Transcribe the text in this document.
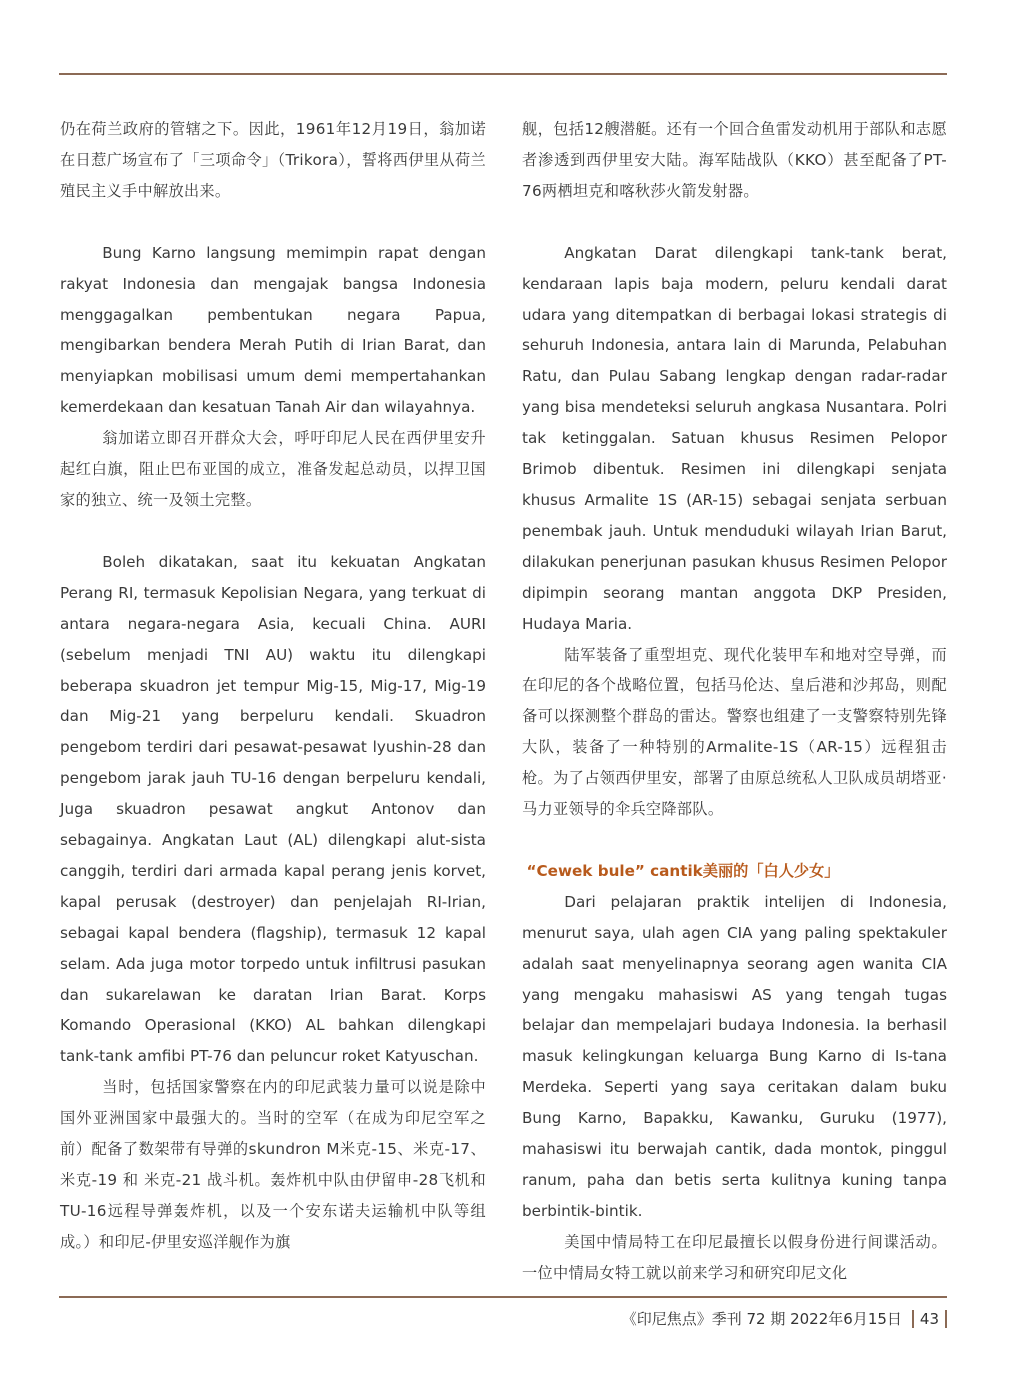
仍在荷兰政府的管辖之下。因此，1961年12月19日，翁加诺在日惹广场宣布了「三项命令」（Trikora），誓将西伊里从荷兰殖民主义手中解放出来。

Bung Karno langsung memimpin rapat dengan rakyat Indonesia dan mengajak bangsa Indonesia menggagalkan pembentukan negara Papua, mengibarkan bendera Merah Putih di Irian Barat, dan menyiapkan mobilisasi umum demi mempertahankan kemerdekaan dan kesatuan Tanah Air dan wilayahnya.

翁加诺立即召开群众大会，呼吁印尼人民在西伊里安升起红白旗，阻止巴布亚国的成立，准备发起总动员，以捍卫国家的独立、统一及领土完整。

Boleh dikatakan, saat itu kekuatan Angkatan Perang RI, termasuk Kepolisian Negara, yang terkuat di antara negara-negara Asia, kecuali China. AURI (sebelum menjadi TNI AU) waktu itu dilengkapi beberapa skuadron jet tempur Mig-15, Mig-17, Mig-19 dan Mig-21 yang berpeluru kendali. Skuadron pengebom terdiri dari pesawat-pesawat lyushin-28 dan pengebom jarak jauh TU-16 dengan berpeluru kendali, Juga skuadron pesawat angkut Antonov dan sebagainya. Angkatan Laut (AL) dilengkapi alut-sista canggih, terdiri dari armada kapal perang jenis korvet, kapal perusak (destroyer) dan penjelajah RI-Irian, sebagai kapal bendera (flagship), termasuk 12 kapal selam. Ada juga motor torpedo untuk infiltrusi pasukan dan sukarelawan ke daratan Irian Barat. Korps Komando Operasional (KKO) AL bahkan dilengkapi tank-tank amfibi PT-76 dan peluncur roket Katyuschan.

当时，包括国家警察在内的印尼武装力量可以说是除中国外亚洲国家中最强大的。当时的空军（在成为印尼空军之前）配备了数架带有导弹的skundron M米克-15、米克-17、米克-19 和 米克-21 战斗机。轰炸机中队由伊留申-28飞机和TU-16远程导弹轰炸机，以及一个安东诺夫运输机中队等组成。）和印尼-伊里安巡洋舰作为旗

舰，包括12艘潜艇。还有一个回合鱼雷发动机用于部队和志愿者渗透到西伊里安大陆。海军陆战队（KKO）甚至配备了PT-76两栖坦克和喀秋莎火箭发射器。

Angkatan Darat dilengkapi tank-tank berat, kendaraan lapis baja modern, peluru kendali darat udara yang ditempatkan di berbagai lokasi strategis di sehuruh Indonesia, antara lain di Marunda, Pelabuhan Ratu, dan Pulau Sabang lengkap dengan radar-radar yang bisa mendeteksi seluruh angkasa Nusantara. Polri tak ketinggalan. Satuan khusus Resimen Pelopor Brimob dibentuk. Resimen ini dilengkapi senjata khusus Armalite 1S (AR-15) sebagai senjata serbuan penembak jauh. Untuk menduduki wilayah Irian Barut, dilakukan penerjunan pasukan khusus Resimen Pelopor dipimpin seorang mantan anggota DKP Presiden, Hudaya Maria.

陆军装备了重型坦克、现代化装甲车和地对空导弹，而在印尼的各个战略位置，包括马伦达、皇后港和沙邦岛，则配备可以探测整个群岛的雷达。警察也组建了一支警察特别先锋大队，装备了一种特别的Armalite-1S（AR-15）远程狙击枪。为了占领西伊里安，部署了由原总统私人卫队成员胡塔亚· 马力亚领导的伞兵空降部队。

“Cewek bule” cantik美丽的「白人少女」

Dari pelajaran praktik intelijen di Indonesia, menurut saya, ulah agen CIA yang paling spektakuler adalah saat menyelinapnya seorang agen wanita CIA yang mengaku mahasiswi AS yang tengah tugas belajar dan mempelajari budaya Indonesia. Ia berhasil masuk kelingkungan keluarga Bung Karno di Is-tana Merdeka. Seperti yang saya ceritakan dalam buku Bung Karno, Bapakku, Kawanku, Guruku (1977), mahasiswi itu berwajah cantik, dada montok, pinggul ranum, paha dan betis serta kulitnya kuning tanpa berbintik-bintik.

美国中情局特工在印尼最擅长以假身份进行间谍活动。一位中情局女特工就以前来学习和研究印尼文化

《印尼焦点》季刊 72 期 2022年6月15日 43
